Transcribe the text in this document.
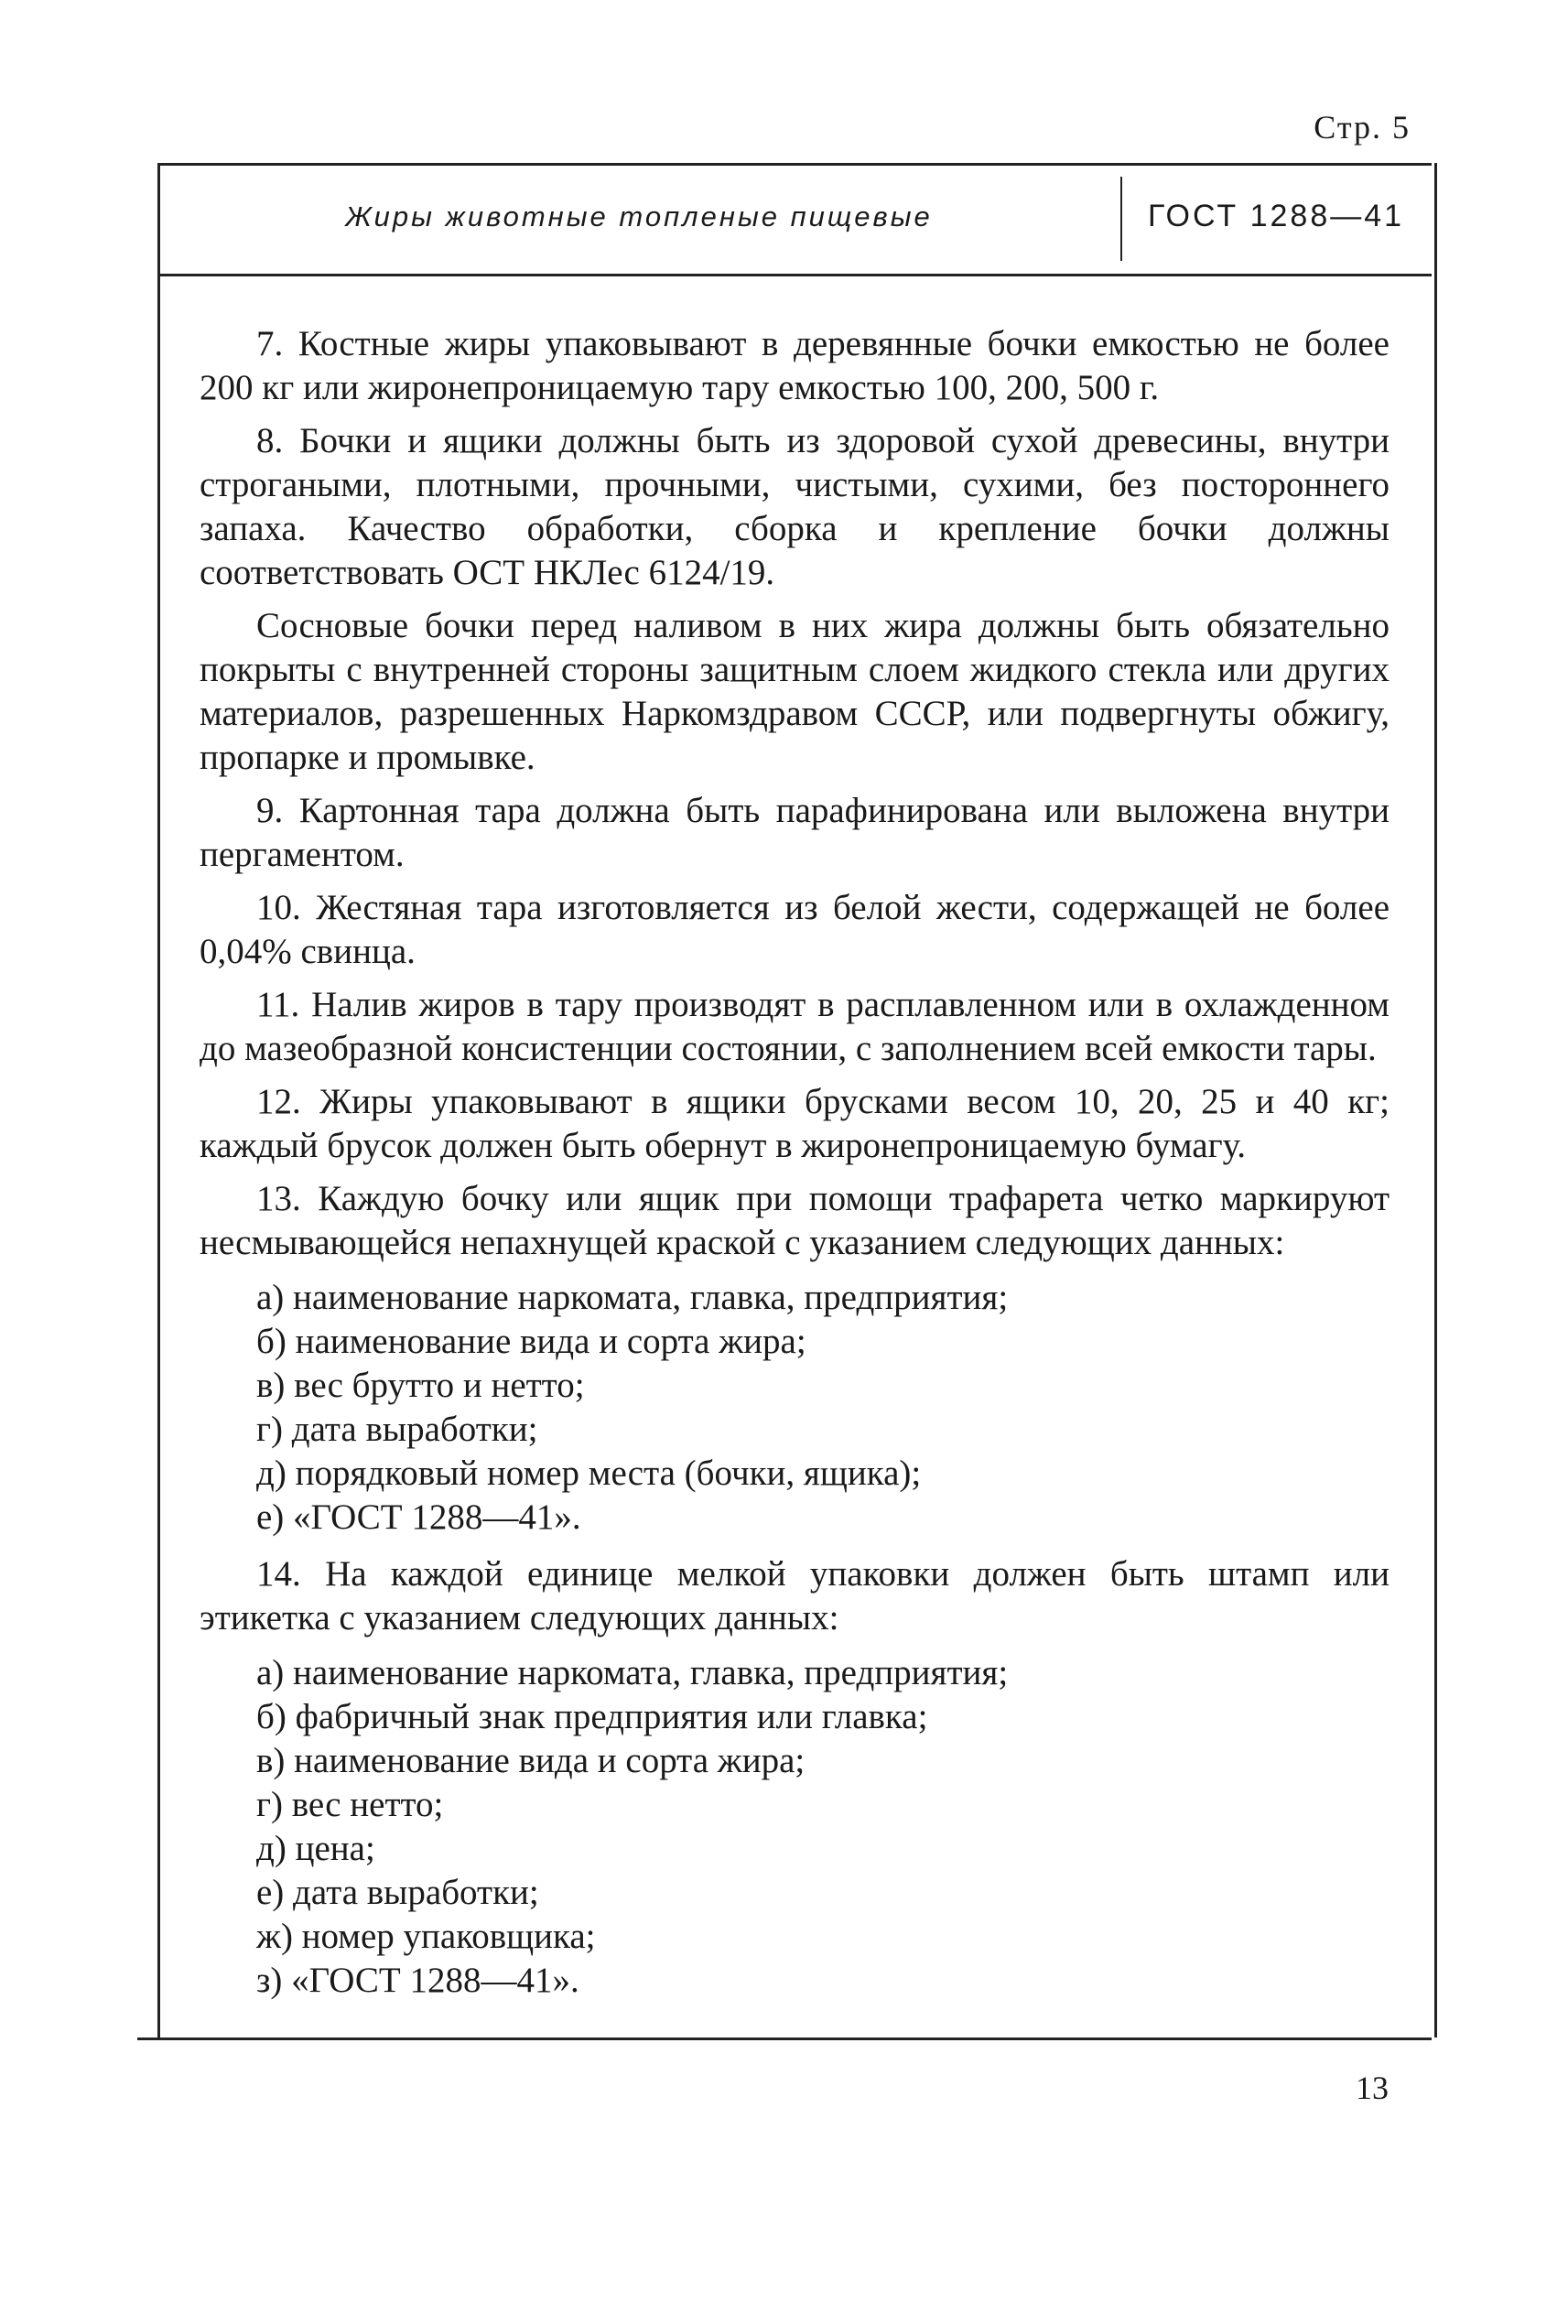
Стр. 5
Жиры животные топленые пищевые	ГОСТ 1288—41

7. Костные жиры упаковывают в деревянные бочки емкостью не более 200 кг или жиронепроницаемую тару емкостью 100, 200, 500 г.

8. Бочки и ящики должны быть из здоровой сухой древесины, внутри строгаными, плотными, прочными, чистыми, сухими, без постороннего запаха. Качество обработки, сборка и крепление бочки должны соответствовать ОСТ НКЛес 6124/19.

Сосновые бочки перед наливом в них жира должны быть обязательно покрыты с внутренней стороны защитным слоем жидкого стекла или других материалов, разрешенных Наркомздравом СССР, или подвергнуты обжигу, пропарке и промывке.

9. Картонная тара должна быть парафинирована или выложена внутри пергаментом.

10. Жестяная тара изготовляется из белой жести, содержащей не более 0,04% свинца.

11. Налив жиров в тару производят в расплавленном или в охлажденном до мазеобразной консистенции состоянии, с заполнением всей емкости тары.

12. Жиры упаковывают в ящики брусками весом 10, 20, 25 и 40 кг; каждый брусок должен быть обернут в жиронепроницаемую бумагу.

13. Каждую бочку или ящик при помощи трафарета четко маркируют несмывающейся непахнущей краской с указанием следующих данных:

а) наименование наркомата, главка, предприятия;
б) наименование вида и сорта жира;
в) вес брутто и нетто;
г) дата выработки;
д) порядковый номер места (бочки, ящика);
е) «ГОСТ 1288—41».

14. На каждой единице мелкой упаковки должен быть штамп или этикетка с указанием следующих данных:

а) наименование наркомата, главка, предприятия;
б) фабричный знак предприятия или главка;
в) наименование вида и сорта жира;
г) вес нетто;
д) цена;
е) дата выработки;
ж) номер упаковщика;
з) «ГОСТ 1288—41».
13
